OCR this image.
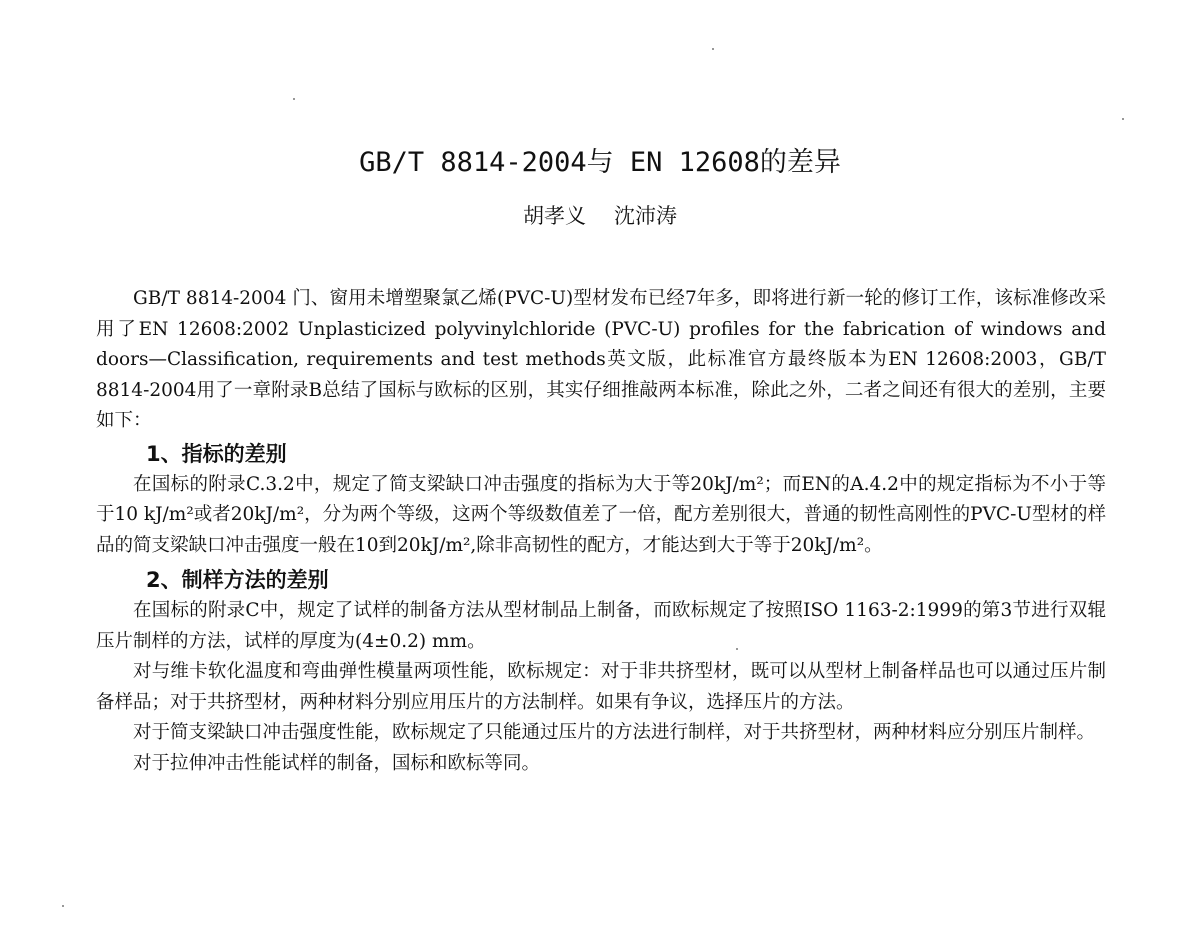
GB/T 8814-2004与 EN 12608的差异
胡孝义 沈沛涛

GB/T 8814-2004 门、窗用未增塑聚氯乙烯(PVC-U)型材发布已经7年多，即将进行新一轮的修订工作，该标准修改采用了EN 12608:2002 Unplasticized polyvinylchloride (PVC-U) profiles for the fabrication of windows and doors—Classification, requirements and test methods英文版，此标准官方最终版本为EN 12608:2003，GB/T 8814-2004用了一章附录B总结了国标与欧标的区别，其实仔细推敲两本标准，除此之外，二者之间还有很大的差别，主要如下：

1、指标的差别

在国标的附录C.3.2中，规定了简支梁缺口冲击强度的指标为大于等20kJ/m²；而EN的A.4.2中的规定指标为不小于等于10 kJ/m²或者20kJ/m²，分为两个等级，这两个等级数值差了一倍，配方差别很大，普通的韧性高刚性的PVC-U型材的样品的简支梁缺口冲击强度一般在10到20kJ/m²,除非高韧性的配方，才能达到大于等于20kJ/m²。

2、制样方法的差别

在国标的附录C中，规定了试样的制备方法从型材制品上制备，而欧标规定了按照ISO 1163-2:1999的第3节进行双辊压片制样的方法，试样的厚度为(4±0.2) mm。

对与维卡软化温度和弯曲弹性模量两项性能，欧标规定：对于非共挤型材，既可以从型材上制备样品也可以通过压片制备样品；对于共挤型材，两种材料分别应用压片的方法制样。如果有争议，选择压片的方法。

对于简支梁缺口冲击强度性能，欧标规定了只能通过压片的方法进行制样，对于共挤型材，两种材料应分别压片制样。

对于拉伸冲击性能试样的制备，国标和欧标等同。
